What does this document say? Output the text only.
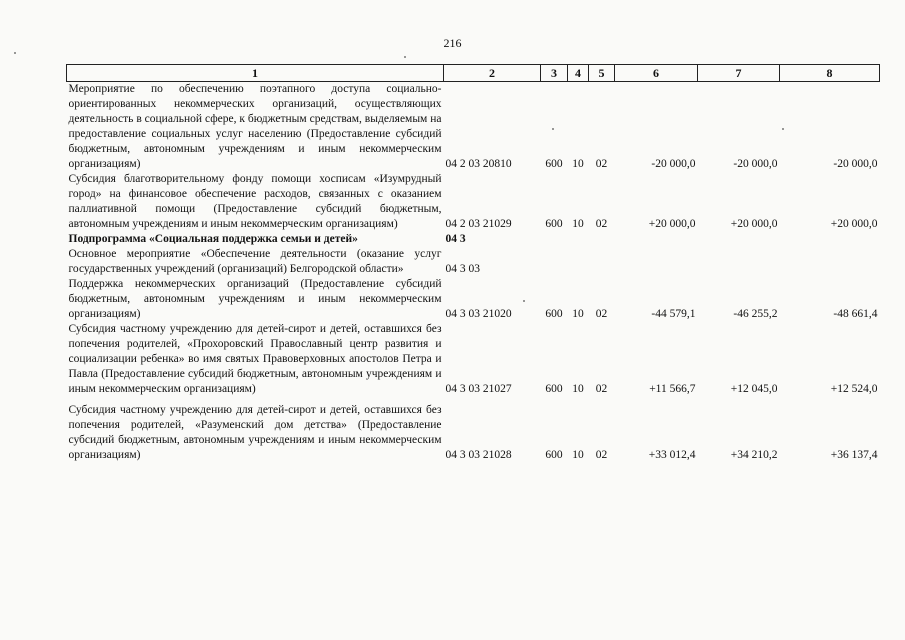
216
1	2	3	4	5	6	7	8
Мероприятие по обеспечению поэтапного доступа социально-ориентированных некоммерческих организаций, осуществляющих деятельность в социальной сфере, к бюджетным средствам, выделяемым на предоставление социальных услуг населению (Предоставление субсидий бюджетным, автономным учреждениям и иным некоммерческим организациям)	04 2 03 20810	600	10	02	-20 000,0	-20 000,0	-20 000,0
Субсидия благотворительному фонду помощи хосписам «Изумрудный город» на финансовое обеспечение расходов, связанных с оказанием паллиативной помощи (Предоставление субсидий бюджетным, автономным учреждениям и иным некоммерческим организациям)	04 2 03 21029	600	10	02	+20 000,0	+20 000,0	+20 000,0
Подпрограмма «Социальная поддержка семьи и детей»	04 3						
Основное мероприятие «Обеспечение деятельности (оказание услуг государственных учреждений (организаций) Белгородской области»	04 3 03						
Поддержка некоммерческих организаций (Предоставление субсидий бюджетным, автономным учреждениям и иным некоммерческим организациям)	04 3 03 21020	600	10	02	-44 579,1	-46 255,2	-48 661,4
Субсидия частному учреждению для детей-сирот и детей, оставшихся без попечения родителей, «Прохоровский Православный центр развития и социализации ребенка» во имя святых Правоверховных апостолов Петра и Павла (Предоставление субсидий бюджетным, автономным учреждениям и иным некоммерческим организациям)	04 3 03 21027	600	10	02	+11 566,7	+12 045,0	+12 524,0

Субсидия частному учреждению для детей-сирот и детей, оставшихся без попечения родителей, «Разуменский дом детства» (Предоставление субсидий бюджетным, автономным учреждениям и иным некоммерческим организациям)	04 3 03 21028	600	10	02	+33 012,4	+34 210,2	+36 137,4
